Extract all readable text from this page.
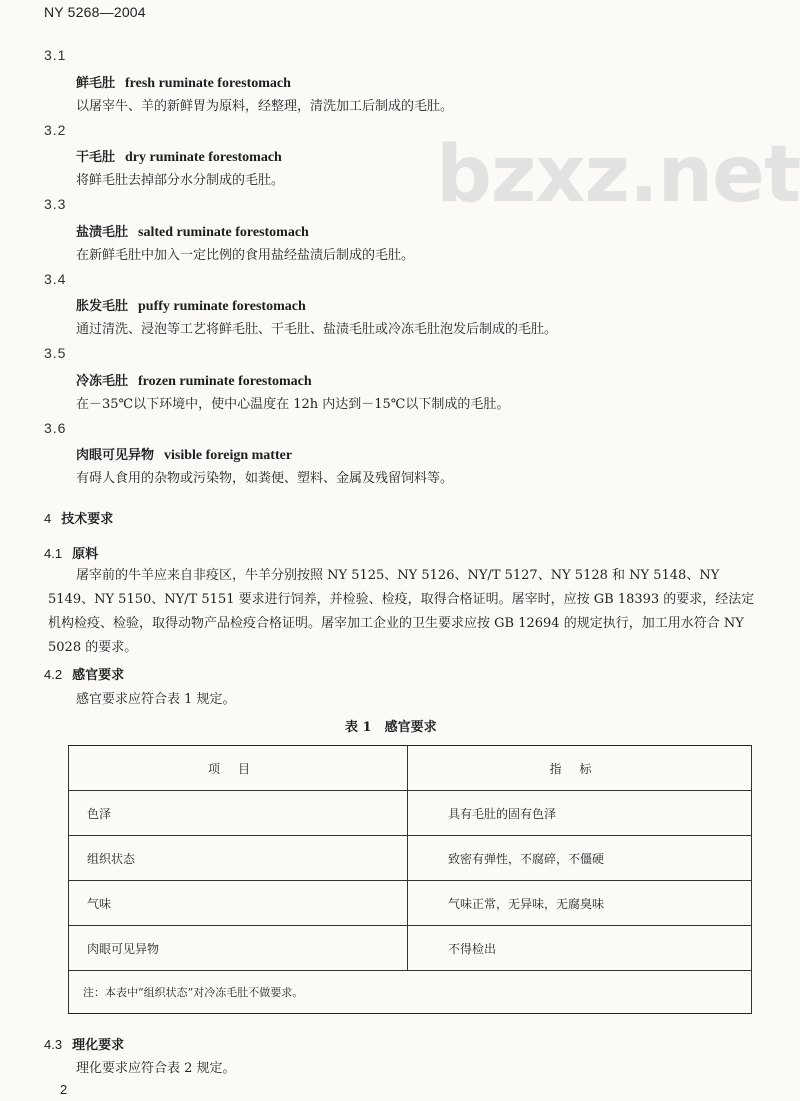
NY 5268—2004
bzxz.net
3.1
鲜毛肚 fresh ruminate forestomach
以屠宰牛、羊的新鲜胃为原料，经整理，清洗加工后制成的毛肚。
3.2
干毛肚 dry ruminate forestomach
将鲜毛肚去掉部分水分制成的毛肚。
3.3
盐渍毛肚 salted ruminate forestomach
在新鲜毛肚中加入一定比例的食用盐经盐渍后制成的毛肚。
3.4
胀发毛肚 puffy ruminate forestomach
通过清洗、浸泡等工艺将鲜毛肚、干毛肚、盐渍毛肚或冷冻毛肚泡发后制成的毛肚。
3.5
冷冻毛肚 frozen ruminate forestomach
在－35℃以下环境中，使中心温度在 12h 内达到－15℃以下制成的毛肚。
3.6
肉眼可见异物 visible foreign matter
有碍人食用的杂物或污染物，如粪便、塑料、金属及残留饲料等。
4 技术要求
4.1 原料
屠宰前的牛羊应来自非疫区，牛羊分别按照 NY 5125、NY 5126、NY/T 5127、NY 5128 和 NY 5148、NY 5149、NY 5150、NY/T 5151 要求进行饲养，并检验、检疫，取得合格证明。屠宰时，应按 GB 18393 的要求，经法定机构检疫、检验，取得动物产品检疫合格证明。屠宰加工企业的卫生要求应按 GB 12694 的规定执行，加工用水符合 NY 5028 的要求。
4.2 感官要求
感官要求应符合表 1 规定。
表 1　感官要求
项目	指标
色泽	具有毛肚的固有色泽
组织状态	致密有弹性，不腐碎，不僵硬
气味	气味正常，无异味，无腐臭味
肉眼可见异物	不得检出
注：本表中“组织状态”对冷冻毛肚不做要求。	
4.3 理化要求
理化要求应符合表 2 规定。
2
